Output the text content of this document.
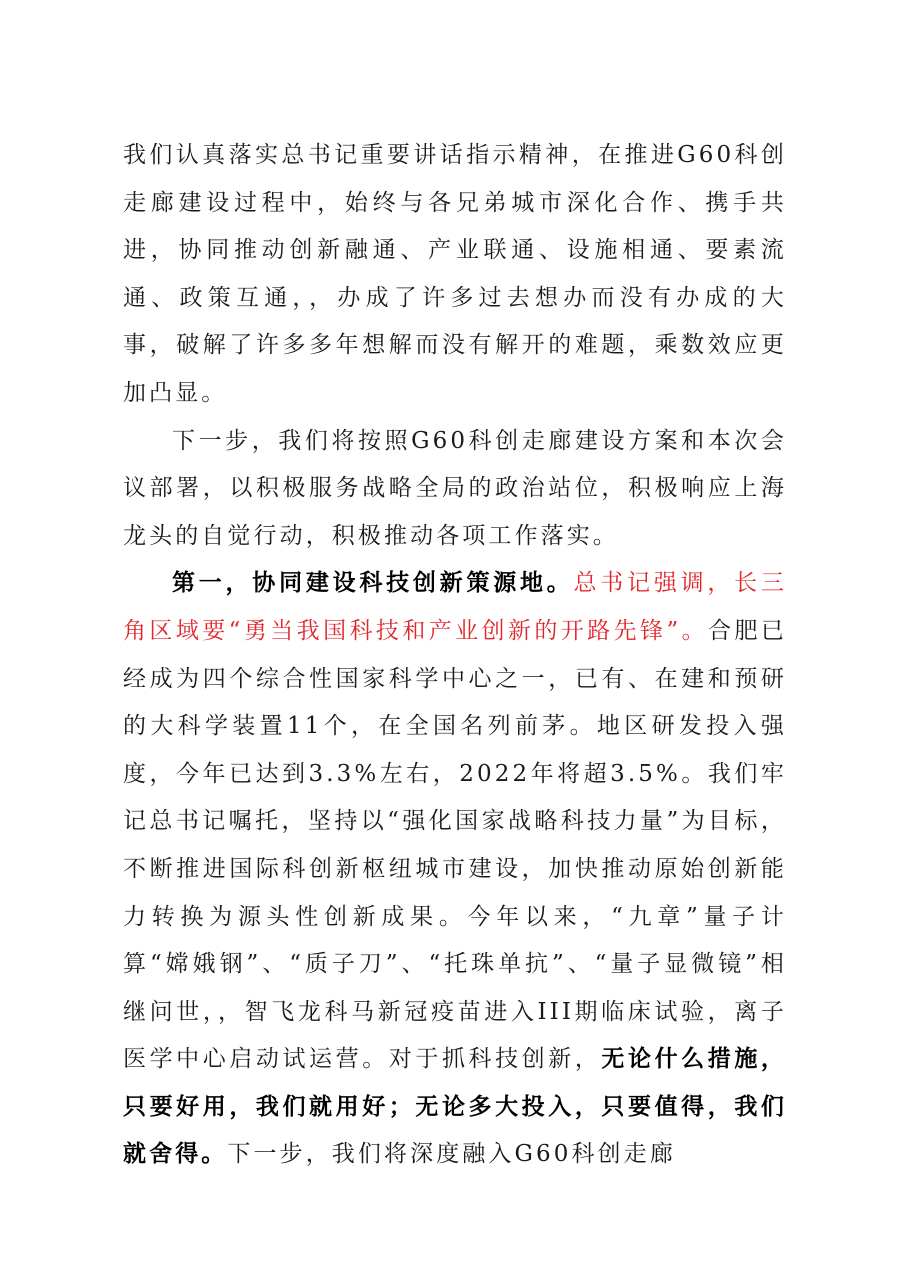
我们认真落实总书记重要讲话指示精神，在推进G60科创走廊建设过程中，始终与各兄弟城市深化合作、携手共进，协同推动创新融通、产业联通、设施相通、要素流通、政策互通，，办成了许多过去想办而没有办成的大事，破解了许多多年想解而没有解开的难题，乘数效应更加凸显。

下一步，我们将按照G60科创走廊建设方案和本次会议部署，以积极服务战略全局的政治站位，积极响应上海龙头的自觉行动，积极推动各项工作落实。

第一，协同建设科技创新策源地。总书记强调，长三角区域要“勇当我国科技和产业创新的开路先锋”。合肥已经成为四个综合性国家科学中心之一，已有、在建和预研的大科学装置11个，在全国名列前茅。地区研发投入强度，今年已达到3.3%左右，2022年将超3.5%。我们牢记总书记嘱托，坚持以“强化国家战略科技力量”为目标，不断推进国际科创新枢纽城市建设，加快推动原始创新能力转换为源头性创新成果。今年以来，“九章”量子计算“嫦娥钢”、“质子刀”、“托珠单抗”、“量子显微镜”相继问世，，智飞龙科马新冠疫苗进入III期临床试验，离子医学中心启动试运营。对于抓科技创新，无论什么措施，只要好用，我们就用好；无论多大投入，只要值得，我们就舍得。下一步，我们将深度融入G60科创走廊
